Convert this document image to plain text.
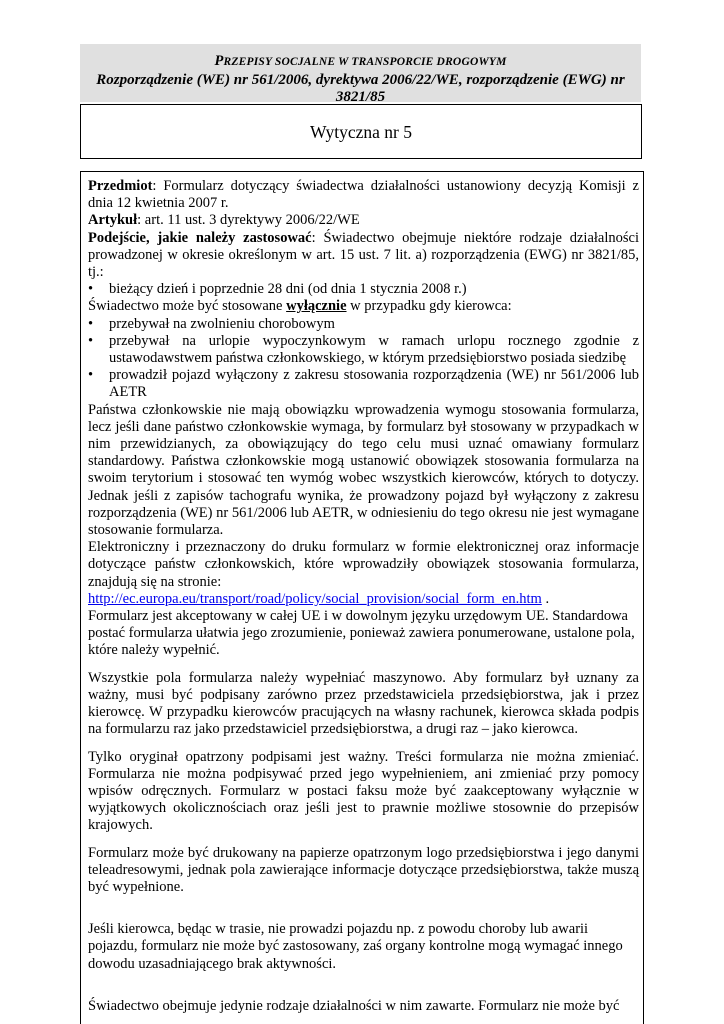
PRZEPISY SOCJALNE W TRANSPORCIE DROGOWYM
Rozporządzenie (WE) nr 561/2006, dyrektywa 2006/22/WE, rozporządzenie (EWG) nr 3821/85
Wytyczna nr 5

Przedmiot: Formularz dotyczący świadectwa działalności ustanowiony decyzją Komisji z dnia 12 kwietnia 2007 r.

Artykuł: art. 11 ust. 3 dyrektywy 2006/22/WE

Podejście, jakie należy zastosować: Świadectwo obejmuje niektóre rodzaje działalności prowadzonej w okresie określonym w art. 15 ust. 7 lit. a) rozporządzenia (EWG) nr 3821/85, tj.:

•	bieżący dzień i poprzednie 28 dni (od dnia 1 stycznia 2008 r.)

Świadectwo może być stosowane wyłącznie w przypadku gdy kierowca:

•	przebywał na zwolnieniu chorobowym
•	przebywał na urlopie wypoczynkowym w ramach urlopu rocznego zgodnie z ustawodawstwem państwa członkowskiego, w którym przedsiębiorstwo posiada siedzibę
•	prowadził pojazd wyłączony z zakresu stosowania rozporządzenia (WE) nr 561/2006 lub AETR

Państwa członkowskie nie mają obowiązku wprowadzenia wymogu stosowania formularza, lecz jeśli dane państwo członkowskie wymaga, by formularz był stosowany w przypadkach w nim przewidzianych, za obowiązujący do tego celu musi uznać omawiany formularz standardowy. Państwa członkowskie mogą ustanowić obowiązek stosowania formularza na swoim terytorium i stosować ten wymóg wobec wszystkich kierowców, których to dotyczy. Jednak jeśli z zapisów tachografu wynika, że prowadzony pojazd był wyłączony z zakresu rozporządzenia (WE) nr 561/2006 lub AETR, w odniesieniu do tego okresu nie jest wymagane stosowanie formularza.

Elektroniczny i przeznaczony do druku formularz w formie elektronicznej oraz informacje dotyczące państw członkowskich, które wprowadziły obowiązek stosowania formularza, znajdują się na stronie:

http://ec.europa.eu/transport/road/policy/social_provision/social_form_en.htm .

Formularz jest akceptowany w całej UE i w dowolnym języku urzędowym UE. Standardowa postać formularza ułatwia jego zrozumienie, ponieważ zawiera ponumerowane, ustalone pola, które należy wypełnić.

Wszystkie pola formularza należy wypełniać maszynowo. Aby formularz był uznany za ważny, musi być podpisany zarówno przez przedstawiciela przedsiębiorstwa, jak i przez kierowcę. W przypadku kierowców pracujących na własny rachunek, kierowca składa podpis na formularzu raz jako przedstawiciel przedsiębiorstwa, a drugi raz – jako kierowca.

Tylko oryginał opatrzony podpisami jest ważny. Treści formularza nie można zmieniać. Formularza nie można podpisywać przed jego wypełnieniem, ani zmieniać przy pomocy wpisów odręcznych. Formularz w postaci faksu może być zaakceptowany wyłącznie w wyjątkowych okolicznościach oraz jeśli jest to prawnie możliwe stosownie do przepisów krajowych.

Formularz może być drukowany na papierze opatrzonym logo przedsiębiorstwa i jego danymi teleadresowymi, jednak pola zawierające informacje dotyczące przedsiębiorstwa, także muszą być wypełnione.

Jeśli kierowca, będąc w trasie, nie prowadzi pojazdu np. z powodu choroby lub awarii pojazdu, formularz nie może być zastosowany, zaś organy kontrolne mogą wymagać innego dowodu uzasadniającego brak aktywności.

Świadectwo obejmuje jedynie rodzaje działalności w nim zawarte. Formularz nie może być
